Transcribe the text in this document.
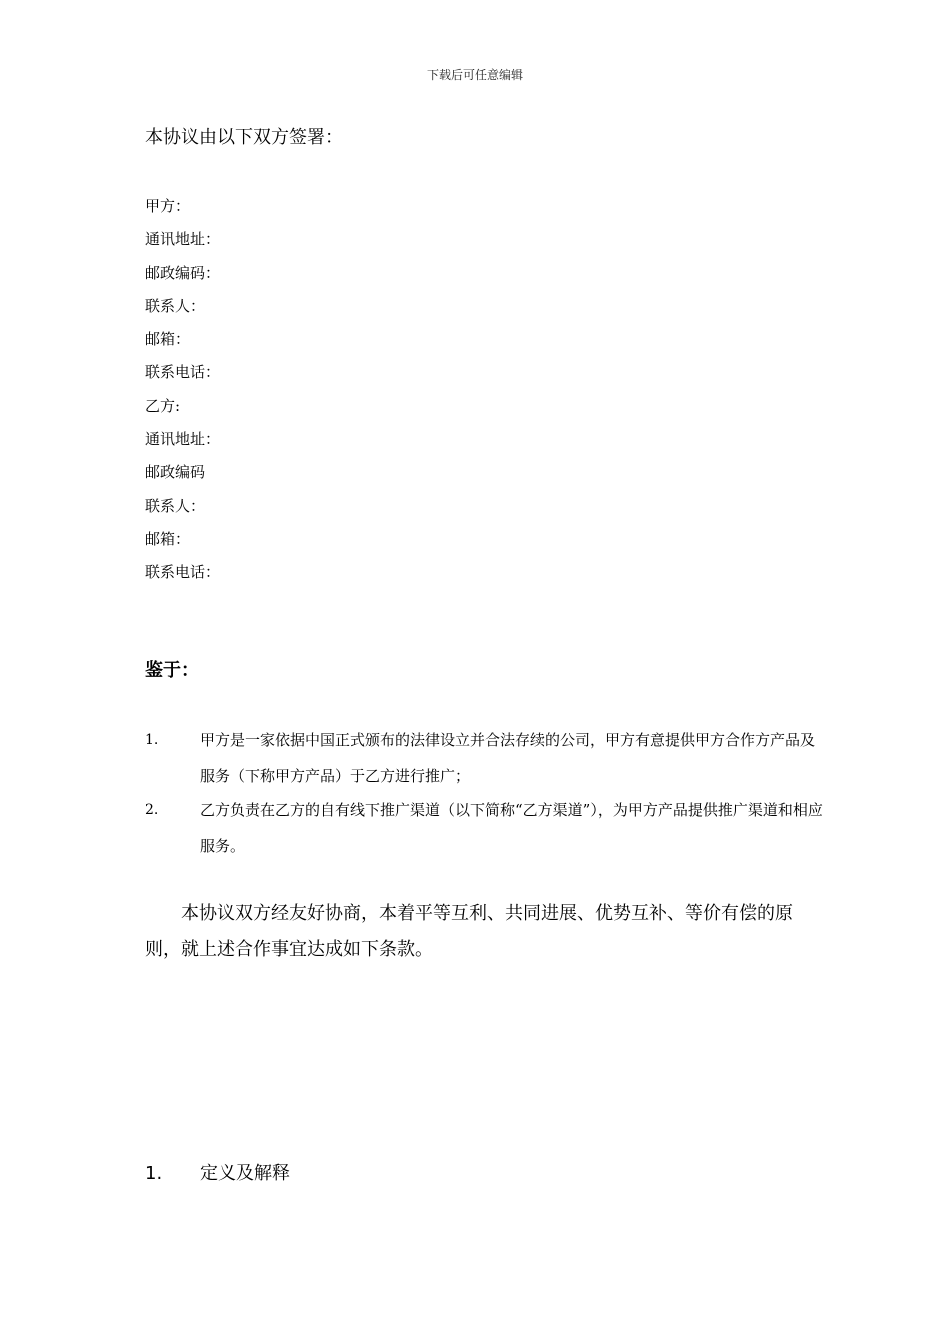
下载后可任意编辑
本协议由以下双方签署：
甲方：
通讯地址：
邮政编码：
联系人：
邮箱：
联系电话：
乙方:
通讯地址：
邮政编码
联系人：
邮箱：
联系电话：
鉴于：
1.	甲方是一家依据中国正式颁布的法律设立并合法存续的公司，甲方有意提供甲方合作方产品及服务（下称甲方产品）于乙方进行推广；
2.	乙方负责在乙方的自有线下推广渠道（以下简称“乙方渠道”），为甲方产品提供推广渠道和相应服务。
本协议双方经友好协商，本着平等互利、共同进展、优势互补、等价有偿的原则，就上述合作事宜达成如下条款。
1. 定义及解释
